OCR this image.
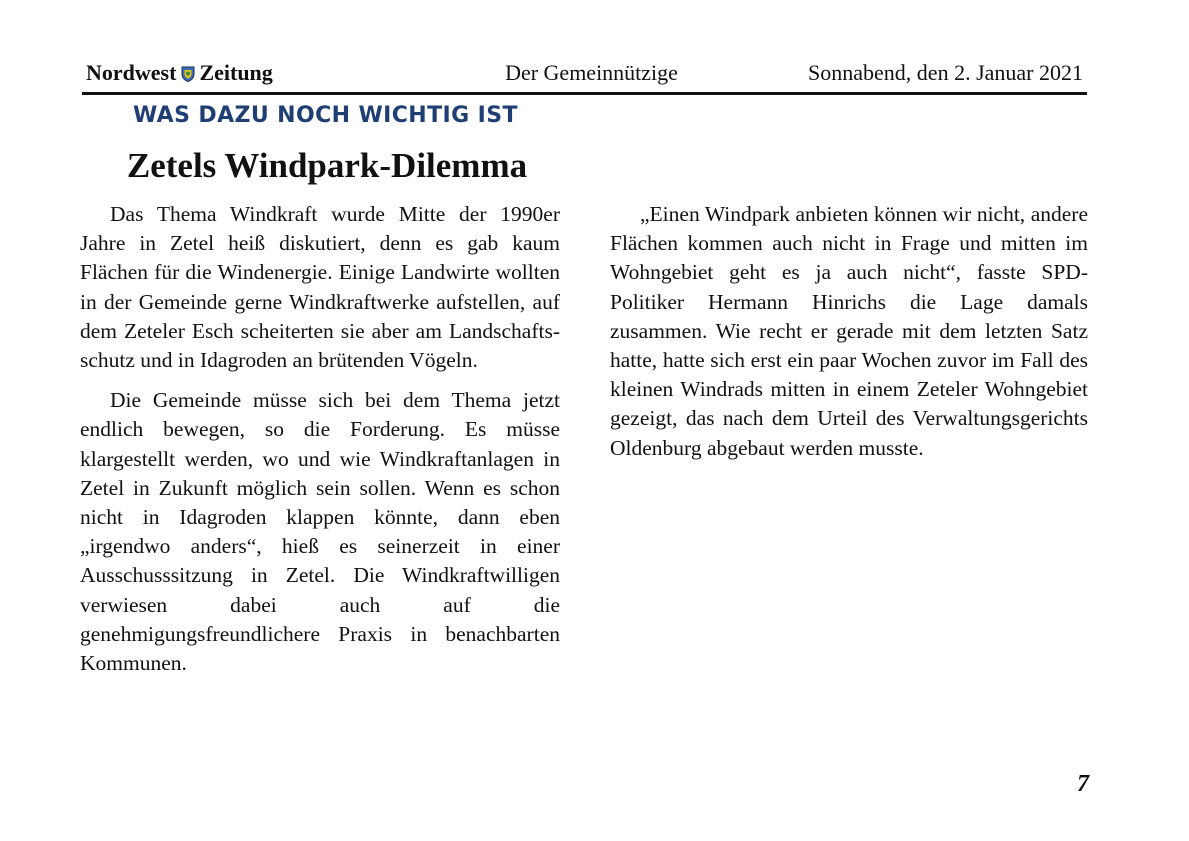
Nordwest Zeitung	Der Gemeinnützige	Sonnabend, den 2. Januar 2021
WAS DAZU NOCH WICHTIG IST
Zetels Windpark-Dilemma

Das Thema Windkraft wurde Mitte der 1990er Jahre in Zetel heiß diskutiert, denn es gab kaum Flächen für die Windenergie. Einige Landwirte wollten in der Gemeinde gerne Windkraftwerke aufstellen, auf dem Zeteler Esch scheiterten sie aber am Landschaftsschutz und in Idagroden an brütenden Vögeln.

Die Gemeinde müsse sich bei dem Thema jetzt endlich bewegen, so die Forderung. Es müsse klargestellt werden, wo und wie Windkraftanlagen in Zetel in Zukunft möglich sein sollen. Wenn es schon nicht in Idagroden klappen könnte, dann eben „irgendwo anders“, hieß es seinerzeit in einer Ausschusssitzung in Zetel. Die Windkraftwilligen verwiesen dabei auch auf die genehmigungsfreundlichere Praxis in benachbarten Kommunen.

„Einen Windpark anbieten können wir nicht, andere Flächen kommen auch nicht in Frage und mitten im Wohngebiet geht es ja auch nicht“, fasste SPD-Politiker Hermann Hinrichs die Lage damals zusammen. Wie recht er gerade mit dem letzten Satz hatte, hatte sich erst ein paar Wochen zuvor im Fall des kleinen Windrads mitten in einem Zeteler Wohngebiet gezeigt, das nach dem Urteil des Verwaltungsgerichts Oldenburg abgebaut werden musste.

7
